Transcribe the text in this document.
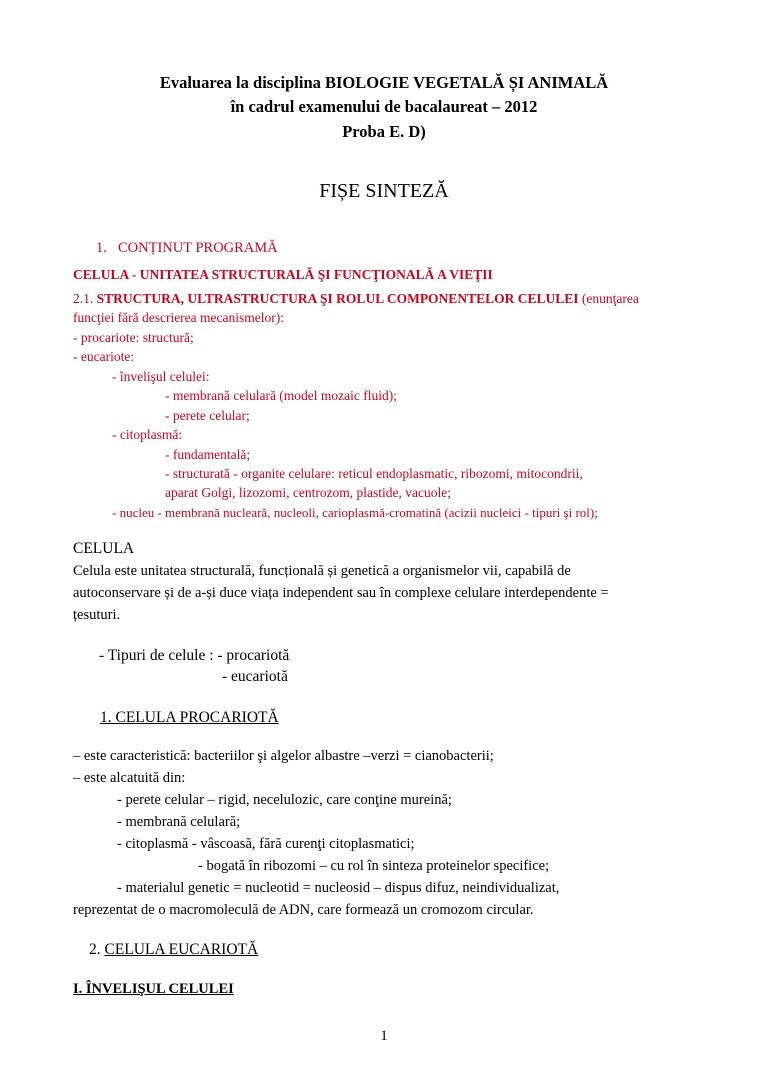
Evaluarea la disciplina BIOLOGIE VEGETALĂ ȘI ANIMALĂ
în cadrul examenului de bacalaureat – 2012
Proba E. D)
FIȘE SINTEZĂ
1. CONȚINUT PROGRAMĂ
CELULA - UNITATEA STRUCTURALĂ ŞI FUNCŢIONALĂ A VIEŢII
2.1. STRUCTURA, ULTRASTRUCTURA ŞI ROLUL COMPONENTELOR CELULEI (enunţarea
funcţiei fără descrierea mecanismelor):
- procariote: structură;
- eucariote:
- învelişul celulei:
- membrană celulară (model mozaic fluid);
- perete celular;
- citoplasmă:
- fundamentală;
- structurată - organite celulare: reticul endoplasmatic, ribozomi, mitocondrii,
aparat Golgi, lizozomi, centrozom, plastide, vacuole;
- nucleu - membrană nucleară, nucleoli, carioplasmă-cromatină (acizii nucleici - tipuri şi rol);
CELULA
Celula este unitatea structurală, funcțională și genetică a organismelor vii, capabilă de
autoconservare și de a-și duce viața independent sau în complexe celulare interdependente =
țesuturi.
- Tipuri de celule : - procariotă
- eucariotă
1. CELULA PROCARIOTĂ
– este caracteristică: bacteriilor şi algelor albastre –verzi = cianobacterii;
– este alcatuită din:
- perete celular – rigid, necelulozic, care conţine mureină;
- membrană celulară;
- citoplasmă - vâscoasă, fără curenţi citoplasmatici;
- bogată în ribozomi – cu rol în sinteza proteinelor specifice;
- materialul genetic = nucleotid = nucleosid – dispus difuz, neindividualizat,
reprezentat de o macromoleculă de ADN, care formează un cromozom circular.
2. CELULA EUCARIOTĂ
I. ÎNVELIŞUL CELULEI
1
